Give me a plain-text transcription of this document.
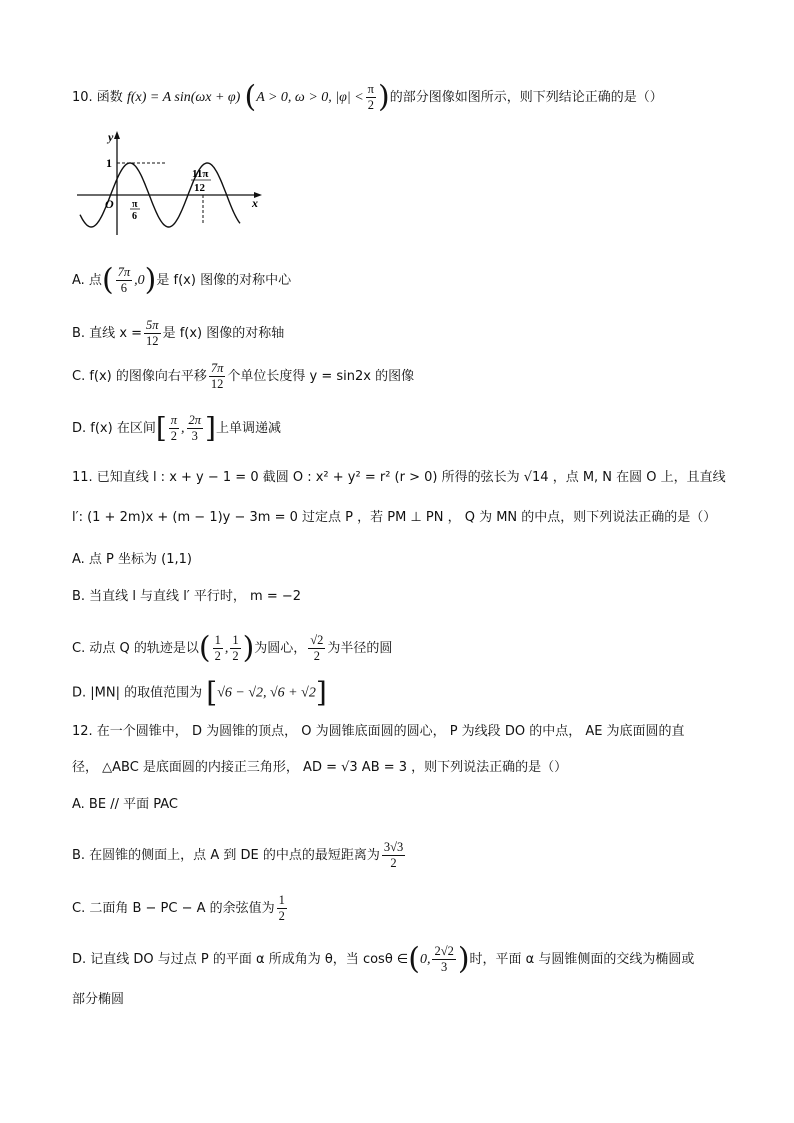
10. 函数 f(x) = A sin(ωx + φ) (A > 0, ω > 0, $|\varphi| < \frac{\pi}{2}$ )的部分图像如图所示，则下列结论正确的是（）
y
x
O
1
π
6
11π
12
A. 点( $\frac{7\pi}{6} ,0$)是 f(x) 图像的对称中心
B. 直线 $x = \frac{5\pi}{12}$ 是 f(x) 图像的对称轴
C. f(x) 的图像向右平移 $\frac{7\pi}{12}$ 个单位长度得 y = sin2x 的图像
D. f(x) 在区间[ $\frac{\pi}{2}$ , $\frac{2\pi}{3}$ ]上单调递减
11. 已知直线 l : x + y − 1 = 0 截圆 O : x² + y² = r² (r > 0) 所得的弦长为 √14 ，点 M, N 在圆 O 上，且直线
l′: (1 + 2m)x + (m − 1)y − 3m = 0 过定点 P ，若 PM ⊥ PN ， Q 为 MN 的中点，则下列说法正确的是（）
A. 点 P 坐标为 (1,1)
B. 当直线 l 与直线 l′ 平行时， m = −2
C. 动点 Q 的轨迹是以( $\frac{1}{2}$ , $\frac{1}{2}$ )为圆心， $\frac{√2}{2}$ 为半径的圆
D. |MN| 的取值范围为 [√6 − √2, √6 + √2]
12. 在一个圆锥中， D 为圆锥的顶点， O 为圆锥底面圆的圆心， P 为线段 DO 的中点， AE 为底面圆的直
径， △ABC 是底面圆的内接正三角形， AD = √3 AB = 3 ，则下列说法正确的是（）
A. BE // 平面 PAC
B. 在圆锥的侧面上，点 A 到 DE 的中点的最短距离为 $\frac{3√3}{2}$
C. 二面角 B − PC − A 的余弦值为 $\frac{1}{2}$
D. 记直线 DO 与过点 P 的平面 α 所成角为 θ，当 cosθ ∈(0, $\frac{2√2}{3}$ )时，平面 α 与圆锥侧面的交线为椭圆或
部分椭圆
